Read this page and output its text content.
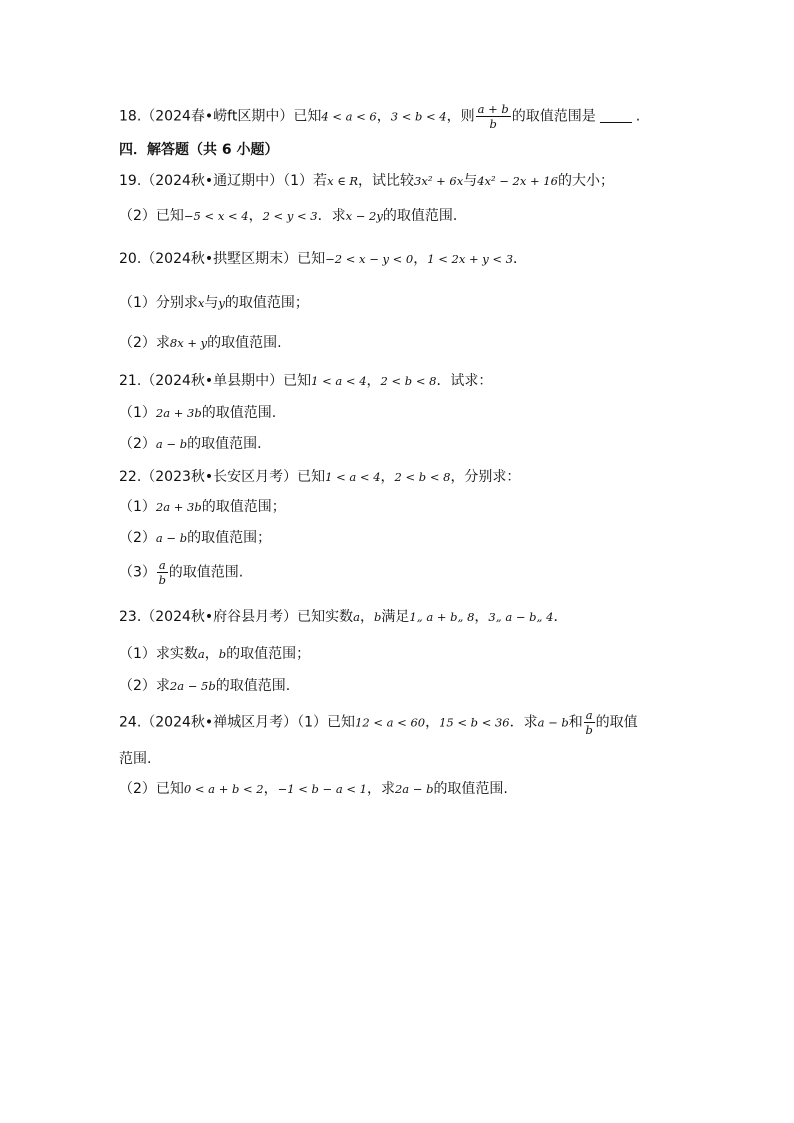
18.（2024春•崂ft区期中）已知4 < a < 6，3 < b < 4，则 $\frac{a + b}{b}$ 的取值范围是	.
四．解答题（共 6 小题）
19.（2024秋•通辽期中）（1）若x ∈ R，试比较3x² + 6x与4x² − 2x + 16的大小；
（2）已知−5 < x < 4，2 < y < 3．求x − 2y的取值范围.
20.（2024秋•拱墅区期末）已知−2 < x − y < 0，1 < 2x + y < 3．
（1）分别求x与y的取值范围；
（2）求8x + y的取值范围.
21.（2024秋•单县期中）已知1 < a < 4，2 < b < 8．试求：
（1）2a + 3b的取值范围.
（2）a − b的取值范围.
22.（2023秋•长安区月考）已知1 < a < 4，2 < b < 8，分别求：
（1）2a + 3b的取值范围；
（2）a − b的取值范围；
$(3) \frac{a}{b}$ 的取值范围.
23.（2024秋•府谷县月考）已知实数a，b满足1„ a + b„ 8，3„ a − b„ 4．
（1）求实数a，b的取值范围；
（2）求2a − 5b的取值范围.
24.（2024秋•禅城区月考）（1）已知12 < a < 60，15 < b < 36．求a − b和 $\frac{a}{b}$ 的取值
范围.
（2）已知0 < a + b < 2，−1 < b − a < 1，求2a − b的取值范围.
